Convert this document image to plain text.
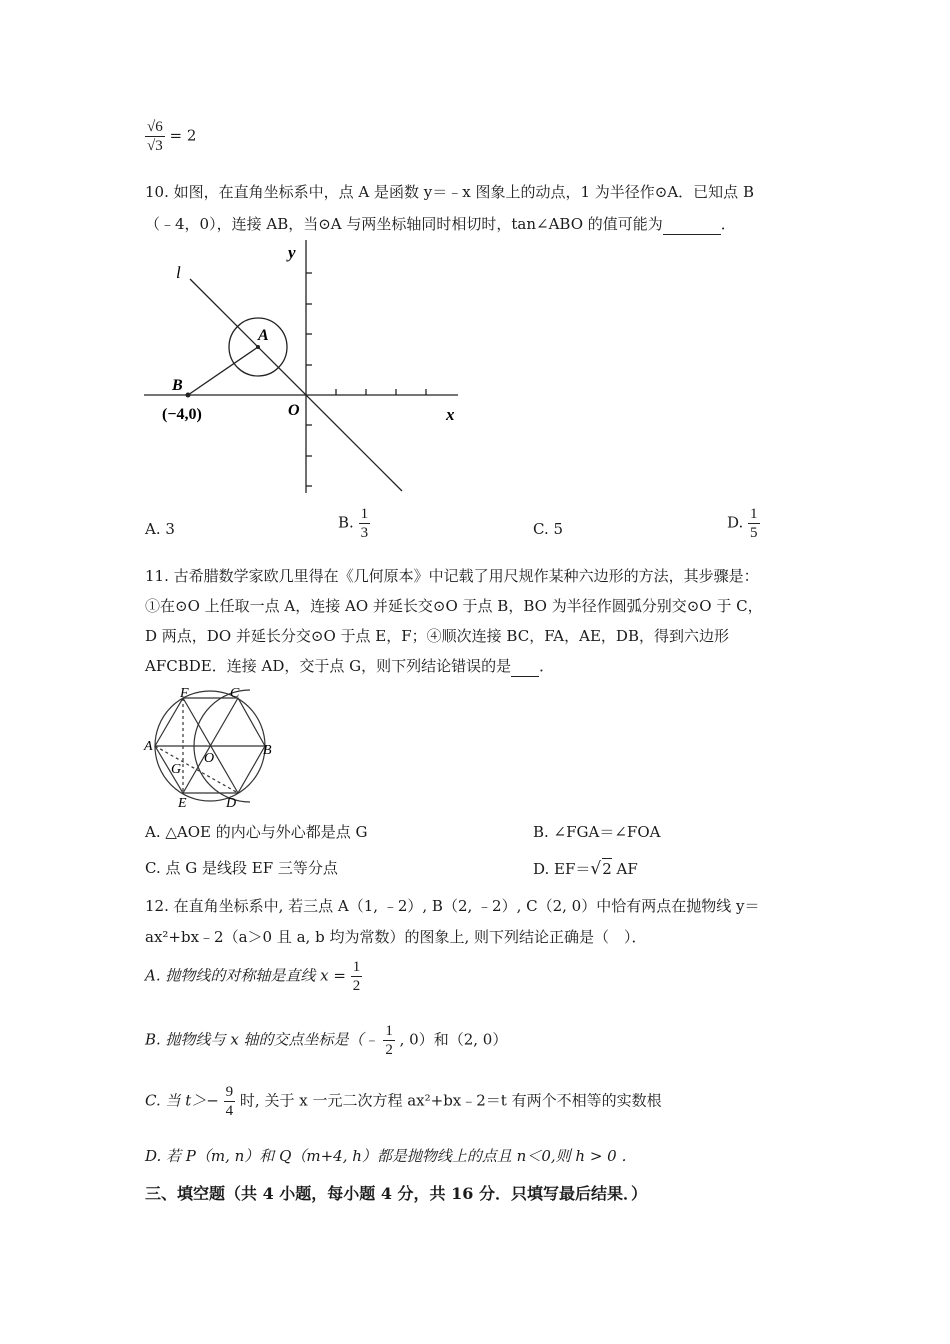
$\frac{√6}{√3} = 2$
10. 如图，在直角坐标系中，点 A 是函数 y＝﹣x 图象上的动点，1 为半径作⊙A．已知点 B
（﹣4，0），连接 AB，当⊙A 与两坐标轴同时相切时，tan∠ABO 的值可能为	．
l
y
x
A
B
O
(−4,0)
A. 3	B. $\frac{1}{3}$	C. 5	D. $\frac{1}{5}$
11. 古希腊数学家欧几里得在《几何原本》中记载了用尺规作某种六边形的方法，其步骤是：
①在⊙O 上任取一点 A，连接 AO 并延长交⊙O 于点 B，BO 为半径作圆弧分别交⊙O 于 C，
D 两点，DO 并延长分交⊙O 于点 E，F；④顺次连接 BC，FA，AE，DB，得到六边形
AFCBDE．连接 AD，交于点 G，则下列结论错误的是 ．
F	C
A	B
O
G
E	D
A. △AOE 的内心与外心都是点 G	B. ∠FGA＝∠FOA
C. 点 G 是线段 EF 三等分点	D. EF＝√2 AF
12. 在直角坐标系中, 若三点 A（1, ﹣2）, B（2, ﹣2）, C（2, 0）中恰有两点在抛物线 y＝
ax²+bx﹣2（a＞0 且 a, b 均为常数）的图象上, 则下列结论正确是（　）．
A. 抛物线的对称轴是直线 $x = \frac{1}{2}$
B. 抛物线与 x 轴的交点坐标是（﹣ $\frac{1}{2}$ , 0）和（2, 0）
C. 当 $t>- \frac{9}{4}$ 时, 关于 x 一元二次方程 ax²+bx﹣2＝t 有两个不相等的实数根
D. 若 P（m, n）和 Q（m+4, h）都是抛物线上的点且 n＜0,则 h > 0 ．
三、填空题（共 4 小题，每小题 4 分，共 16 分．只填写最后结果．）
